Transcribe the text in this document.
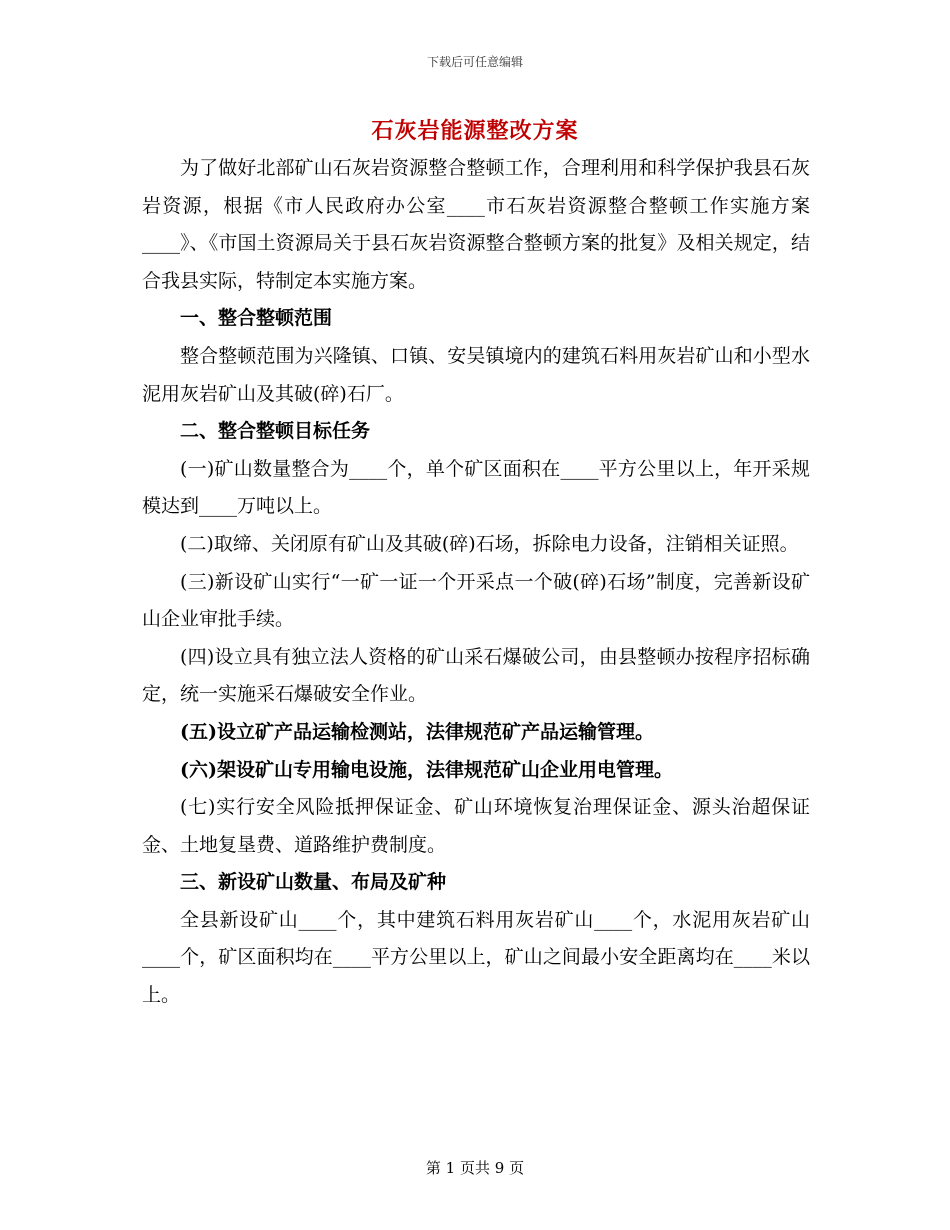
下载后可任意编辑
石灰岩能源整改方案

为了做好北部矿山石灰岩资源整合整顿工作，合理利用和科学保护我县石灰岩资源，根据《市人民政府办公室____市石灰岩资源整合整顿工作实施方案____》、《市国土资源局关于县石灰岩资源整合整顿方案的批复》及相关规定，结合我县实际，特制定本实施方案。

一、整合整顿范围

整合整顿范围为兴隆镇、口镇、安吴镇境内的建筑石料用灰岩矿山和小型水泥用灰岩矿山及其破(碎)石厂。

二、整合整顿目标任务

(一)矿山数量整合为____个，单个矿区面积在____平方公里以上，年开采规模达到____万吨以上。

(二)取缔、关闭原有矿山及其破(碎)石场，拆除电力设备，注销相关证照。

(三)新设矿山实行“一矿一证一个开采点一个破(碎)石场”制度，完善新设矿山企业审批手续。

(四)设立具有独立法人资格的矿山采石爆破公司，由县整顿办按程序招标确定，统一实施采石爆破安全作业。

(五)设立矿产品运输检测站，法律规范矿产品运输管理。

(六)架设矿山专用输电设施，法律规范矿山企业用电管理。

(七)实行安全风险抵押保证金、矿山环境恢复治理保证金、源头治超保证金、土地复垦费、道路维护费制度。

三、新设矿山数量、布局及矿种

全县新设矿山____个，其中建筑石料用灰岩矿山____个，水泥用灰岩矿山____个，矿区面积均在____平方公里以上，矿山之间最小安全距离均在____米以上。

第 1 页共 9 页
